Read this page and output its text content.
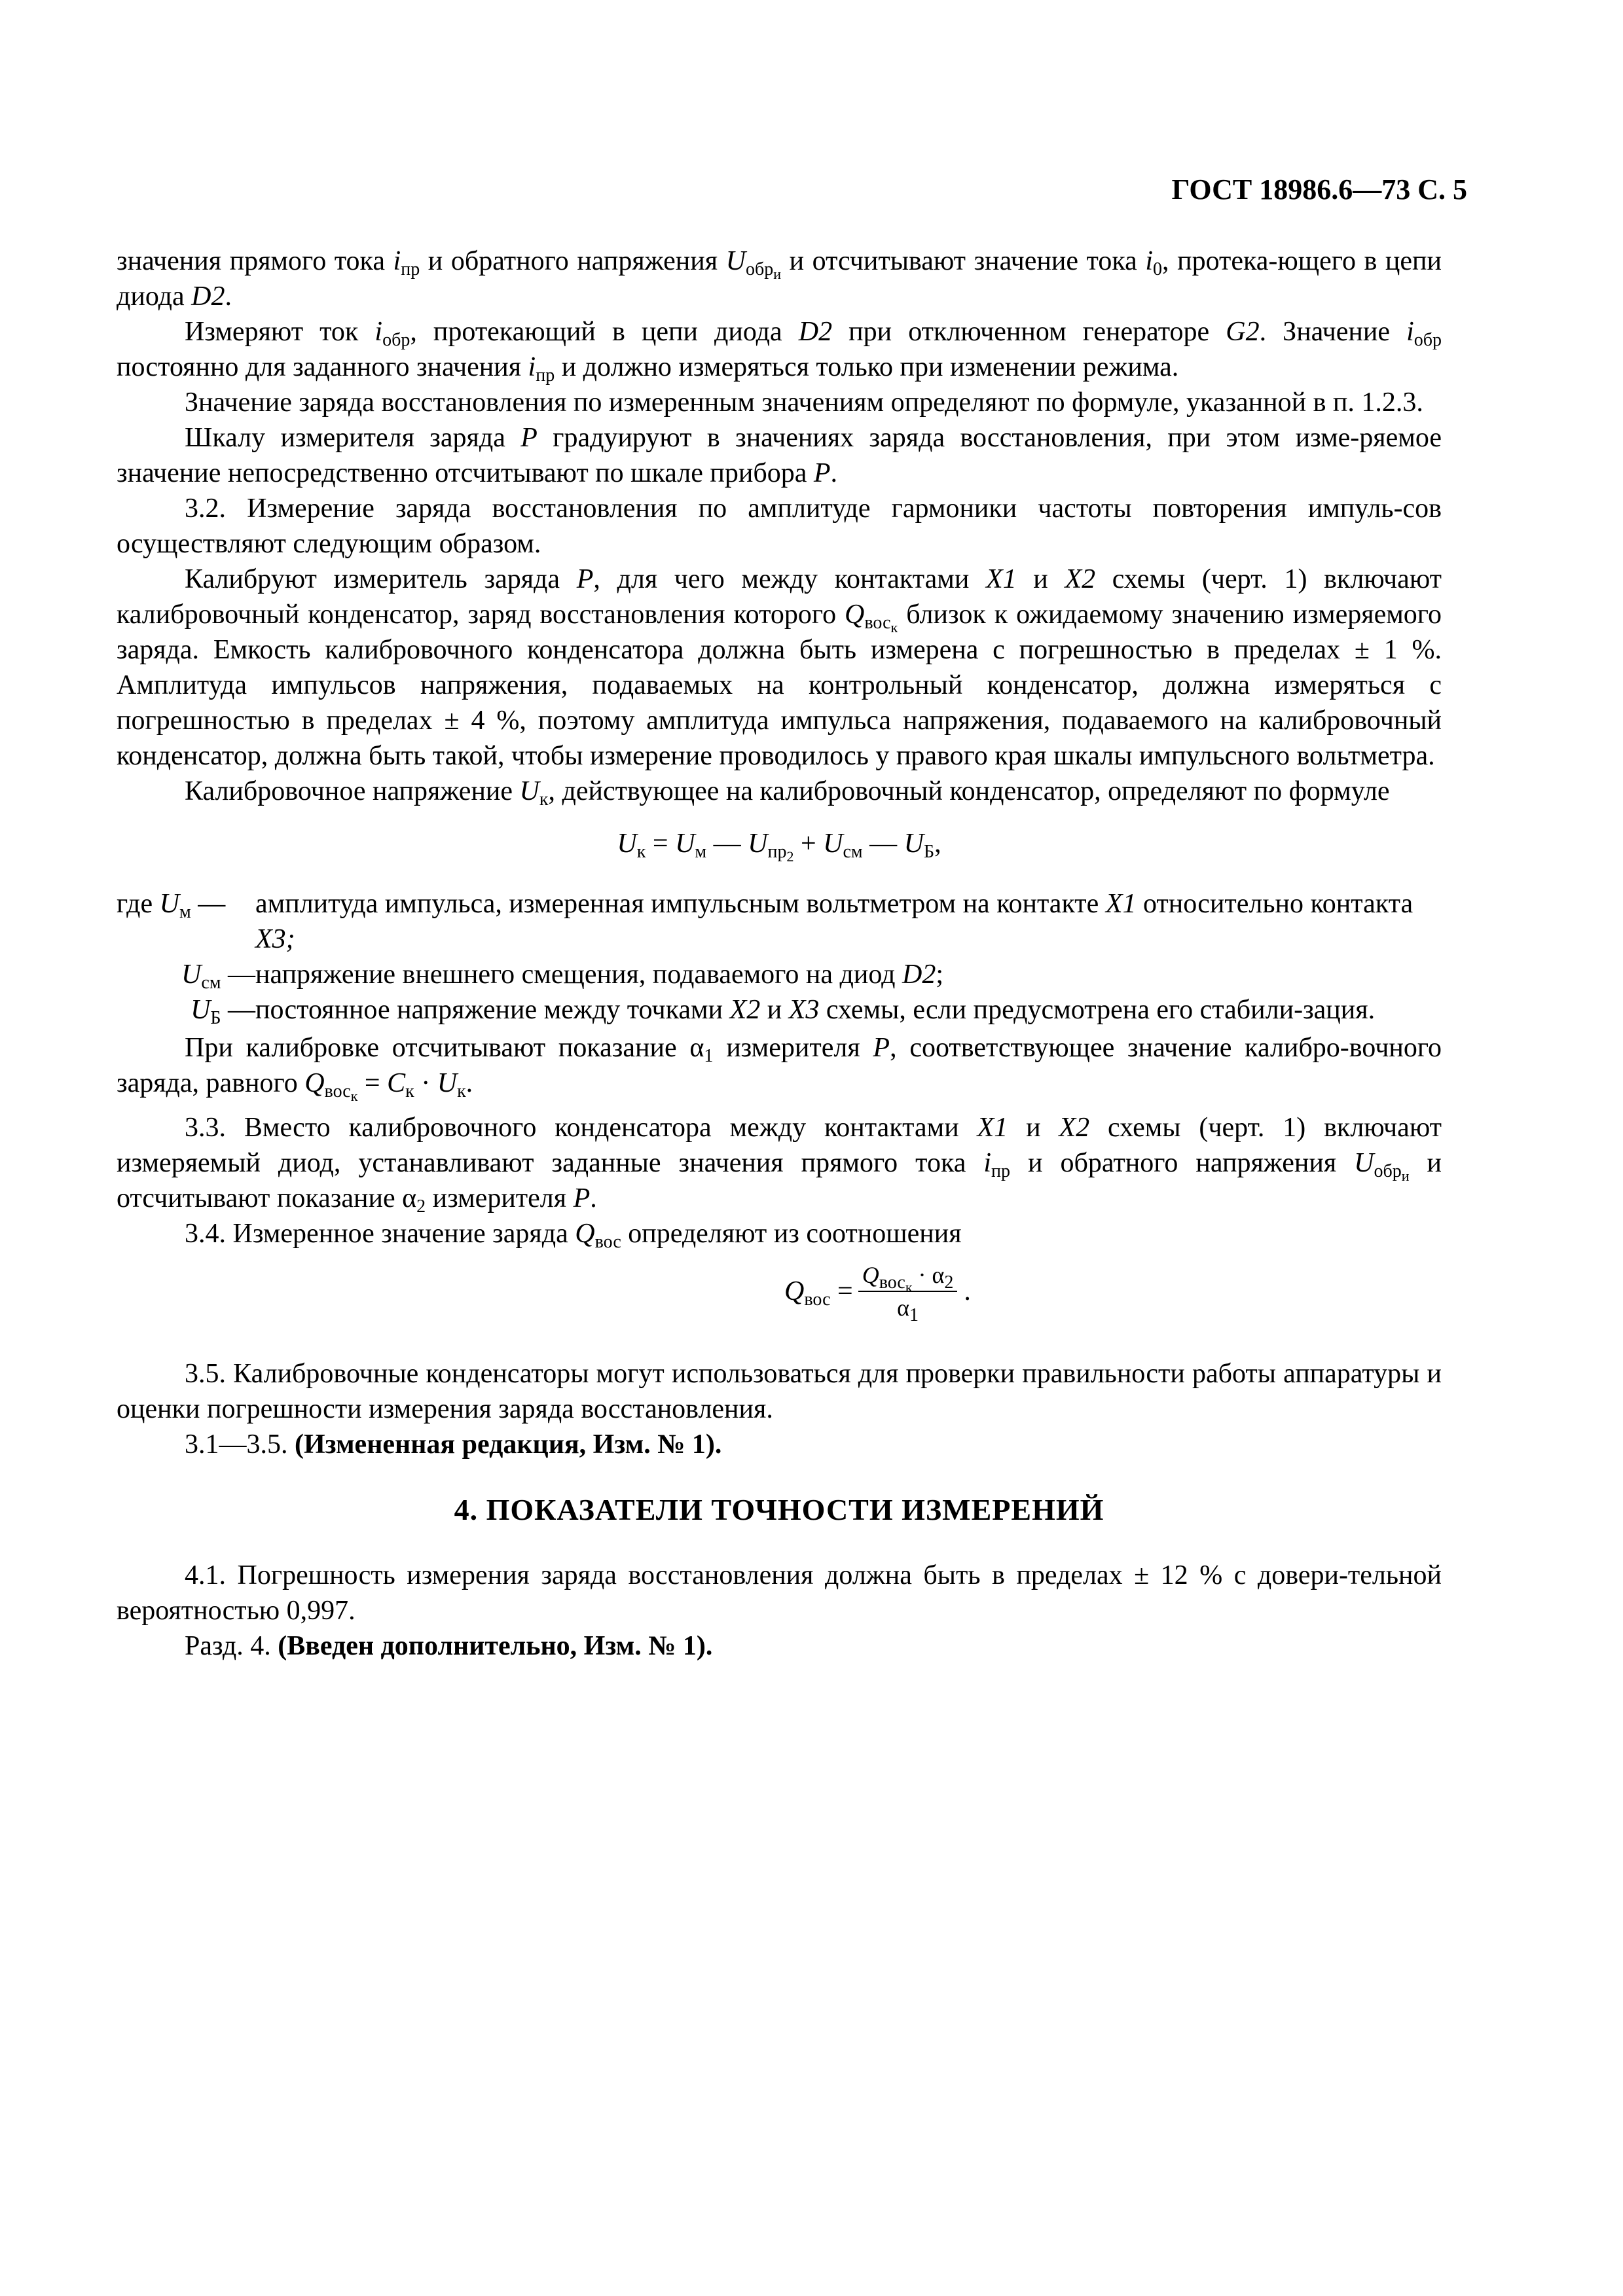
ГОСТ 18986.6—73 С. 5

значения прямого тока $i_{пр}$ и обратного напряжения $U_{обр_и}$ и отсчитывают значение тока $i_0$, протека-ющего в цепи диода D2.

Измеряют ток $i_{обр}$, протекающий в цепи диода D2 при отключенном генераторе G2. Значение $i_{обр}$ постоянно для заданного значения $i_{пр}$ и должно измеряться только при изменении режима.

Значение заряда восстановления по измеренным значениям определяют по формуле, указанной в п. 1.2.3.

Шкалу измерителя заряда P градуируют в значениях заряда восстановления, при этом изме-ряемое значение непосредственно отсчитывают по шкале прибора P.

3.2. Измерение заряда восстановления по амплитуде гармоники частоты повторения импуль-сов осуществляют следующим образом.

Калибруют измеритель заряда P, для чего между контактами X1 и X2 схемы (черт. 1) включают калибровочный конденсатор, заряд восстановления которого $Q_{вос_к}$ близок к ожидаемому значению измеряемого заряда. Емкость калибровочного конденсатора должна быть измерена с погрешностью в пределах ± 1 %. Амплитуда импульсов напряжения, подаваемых на контрольный конденсатор, должна измеряться с погрешностью в пределах ± 4 %, поэтому амплитуда импульса напряжения, подаваемого на калибровочный конденсатор, должна быть такой, чтобы измерение проводилось у правого края шкалы импульсного вольтметра.

Калибровочное напряжение $U_к$, действующее на калибровочный конденсатор, определяют по формуле

$U_к = U_м$ — $U_{пр_2} + U_{см}$ — $U_Б$,
где $U_м$ —	амплитуда импульса, измеренная импульсным вольтметром на контакте X1 относительно контакта X3;
$U_{см}$ — напряжение внешнего смещения, подаваемого на диод D2;
$U_Б$ — постоянное напряжение между точками X2 и X3 схемы, если предусмотрена его стабили-зация.

При калибровке отсчитывают показание $\alpha_1$ измерителя P, соответствующее значение калибро-вочного заряда, равного $Q_{вос_к} = C_к \cdot U_к$.

3.3. Вместо калибровочного конденсатора между контактами X1 и X2 схемы (черт. 1) включают измеряемый диод, устанавливают заданные значения прямого тока $i_{пр}$ и обратного напряжения $U_{обр_и}$ и отсчитывают показание $\alpha_2$ измерителя P.

3.4. Измеренное значение заряда $Q_{вос}$ определяют из соотношения

$Q_{вос} = \frac{Q_{вос_к} \cdot \alpha_2}{\alpha_1}$ .

3.5. Калибровочные конденсаторы могут использоваться для проверки правильности работы аппаратуры и оценки погрешности измерения заряда восстановления.

3.1—3.5. (Измененная редакция, Изм. № 1).

4. ПОКАЗАТЕЛИ ТОЧНОСТИ ИЗМЕРЕНИЙ

4.1. Погрешность измерения заряда восстановления должна быть в пределах ± 12 % с довери-тельной вероятностью 0,997.

Разд. 4. (Введен дополнительно, Изм. № 1).
